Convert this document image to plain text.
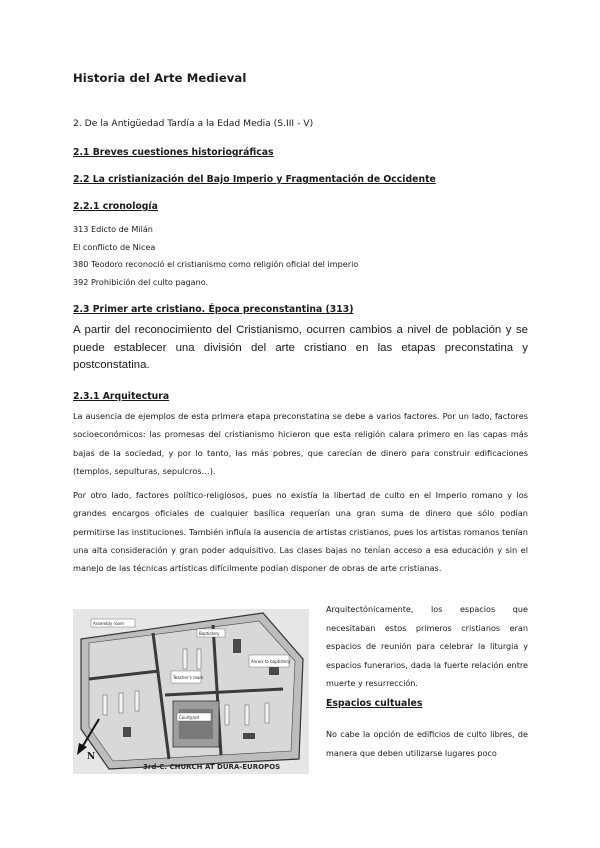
Historia del Arte Medieval
2. De la Antigüedad Tardía a la Edad Media (S.III - V)
2.1 Breves cuestiones historiográficas
2.2 La cristianización del Bajo Imperio y Fragmentación de Occidente
2.2.1 cronología
313 Edicto de Milán
El conflicto de Nicea
380 Teodoro reconoció el cristianismo como religión oficial del imperio
392 Prohibición del culto pagano.
2.3 Primer arte cristiano. Época preconstantina (313)

A partir del reconocimiento del Cristianismo, ocurren cambios a nivel de población y se puede establecer una división del arte cristiano en las etapas preconstatina y postconstatina.

2.3.1 Arquitectura

La ausencia de ejemplos de esta primera etapa preconstatina se debe a varios factores. Por un lado, factores socioeconómicos: las promesas del cristianismo hicieron que esta religión calara primero en las capas más bajas de la sociedad, y por lo tanto, las más pobres, que carecían de dinero para construir edificaciones (templos, sepulturas, sepulcros…).

Por otro lado, factores político-religiosos, pues no existía la libertad de culto en el Imperio romano y los grandes encargos oficiales de cualquier basílica requerían una gran suma de dinero que sólo podían permitirse las instituciones. También influía la ausencia de artistas cristianos, pues los artistas romanos tenían una alta consideración y gran poder adquisitivo. Las clases bajas no tenían acceso a esa educación y sin el manejo de las técnicas artísticas difícilmente podían disponer de obras de arte cristianas.

Assembly room
Baptistery
Courtyard
Teacher's room
Annex to baptistery
N
3rd-C. CHURCH AT DURA-EUROPOS

Arquitectónicamente, los espacios que necesitaban estos primeros cristianos eran espacios de reunión para celebrar la liturgia y espacios funerarios, dada la fuerte relación entre muerte y resurrección.

Espacios cultuales

No cabe la opción de edificios de culto libres, de manera que deben utilizarse lugares poco
